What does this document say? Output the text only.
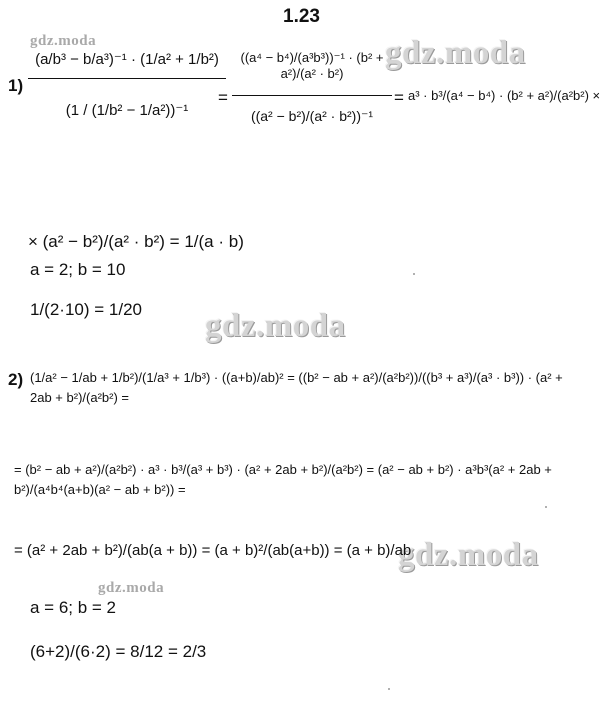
1.23
gdz.moda	gdz.moda
gdz.moda
gdz.moda
gdz.moda
$1) \frac{\text{(a/b³ − b/a³)⁻¹ · (1/a² + 1/b²)}}{\text{(1 / (1/b² − 1/a²))⁻¹}}$
= $\frac{\text{((a⁴ − b⁴)/(a³b³))⁻¹ · (b² + a²)/(a² · b²)}}{\text{((a² − b²)/(a² · b²))⁻¹}} = a^3 \cdot b^3/(a^4 - b^4) \cdot (b^2 + a^2)/(a^2b^2)$ ×
× (a² − b²)/(a² · b²) = 1/(a · b)
a = 2; b = 10
1/(2·10) = 1/20
2) (1/a² − 1/ab + 1/b²)/(1/a³ + 1/b³) · ((a+b)/ab)² = ((b² − ab + a²)/(a²b²))/((b³ + a³)/(a³ · b³)) · (a² + 2ab + b²)/(a²b²) =
= (b² − ab + a²)/(a²b²) · a³ · b³/(a³ + b³) · (a² + 2ab + b²)/(a²b²) = (a² − ab + b²) · a³b³(a² + 2ab + b²)/(a⁴b⁴(a+b)(a² − ab + b²)) =
= (a² + 2ab + b²)/(ab(a + b)) = (a + b)²/(ab(a+b)) = (a + b)/ab
a = 6; b = 2
(6+2)/(6·2) = 8/12 = 2/3
